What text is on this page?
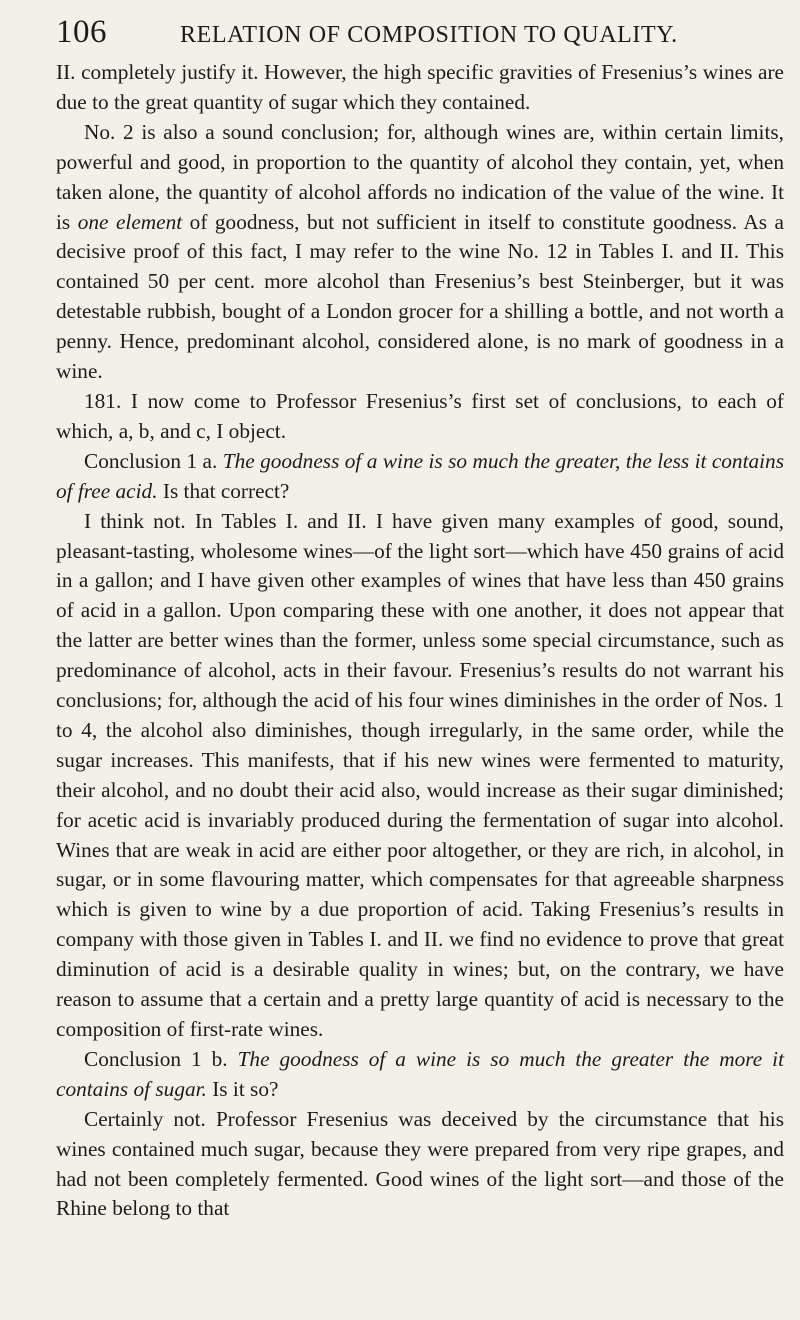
106	RELATION OF COMPOSITION TO QUALITY.

II. completely justify it. However, the high specific gravities of Fresenius’s wines are due to the great quantity of sugar which they contained.

No. 2 is also a sound conclusion; for, although wines are, within certain limits, powerful and good, in proportion to the quantity of alcohol they contain, yet, when taken alone, the quantity of alcohol affords no indication of the value of the wine. It is one element of goodness, but not sufficient in itself to constitute goodness. As a decisive proof of this fact, I may refer to the wine No. 12 in Tables I. and II. This contained 50 per cent. more alcohol than Fresenius’s best Steinberger, but it was detestable rubbish, bought of a London grocer for a shilling a bottle, and not worth a penny. Hence, predominant alcohol, considered alone, is no mark of goodness in a wine.

181. I now come to Professor Fresenius’s first set of conclusions, to each of which, a, b, and c, I object.

Conclusion 1 a. The goodness of a wine is so much the greater, the less it contains of free acid. Is that correct?

I think not. In Tables I. and II. I have given many examples of good, sound, pleasant-tasting, wholesome wines—of the light sort—which have 450 grains of acid in a gallon; and I have given other examples of wines that have less than 450 grains of acid in a gallon. Upon comparing these with one another, it does not appear that the latter are better wines than the former, unless some special circumstance, such as predominance of alcohol, acts in their favour. Fresenius’s results do not warrant his conclusions; for, although the acid of his four wines diminishes in the order of Nos. 1 to 4, the alcohol also diminishes, though irregularly, in the same order, while the sugar increases. This manifests, that if his new wines were fermented to maturity, their alcohol, and no doubt their acid also, would increase as their sugar diminished; for acetic acid is invariably produced during the fermentation of sugar into alcohol. Wines that are weak in acid are either poor altogether, or they are rich, in alcohol, in sugar, or in some flavouring matter, which compensates for that agreeable sharpness which is given to wine by a due proportion of acid. Taking Fresenius’s results in company with those given in Tables I. and II. we find no evidence to prove that great diminution of acid is a desirable quality in wines; but, on the contrary, we have reason to assume that a certain and a pretty large quantity of acid is necessary to the composition of first-rate wines.

Conclusion 1 b. The goodness of a wine is so much the greater the more it contains of sugar. Is it so?

Certainly not. Professor Fresenius was deceived by the circumstance that his wines contained much sugar, because they were prepared from very ripe grapes, and had not been completely fermented. Good wines of the light sort—and those of the Rhine belong to that
